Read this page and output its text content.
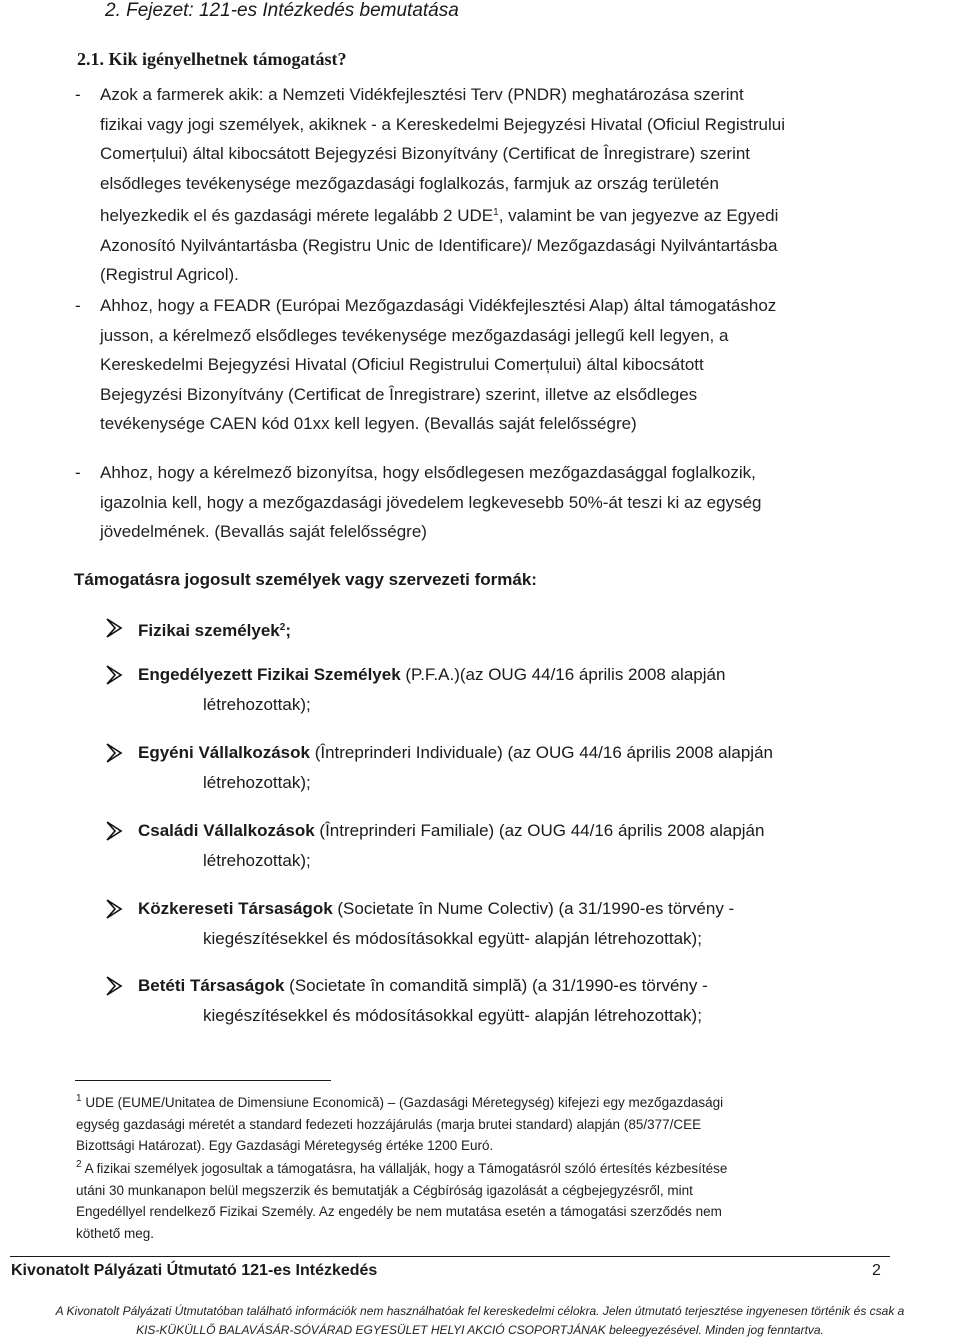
2. Fejezet: 121-es Intézkedés bemutatása
2.1. Kik igényelhetnek támogatást?
- Azok a farmerek akik: a Nemzeti Vidékfejlesztési Terv (PNDR) meghatározása szerint
fizikai vagy jogi személyek, akiknek - a Kereskedelmi Bejegyzési Hivatal (Oficiul Registrului
Comerțului) által kibocsátott Bejegyzési Bizonyítvány (Certificat de Înregistrare) szerint
elsődleges tevékenysége mezőgazdasági foglalkozás, farmjuk az ország területén
helyezkedik el és gazdasági mérete legalább 2 UDE$^1$, valamint be van jegyezve az Egyedi
Azonosító Nyilvántartásba (Registru Unic de Identificare)/ Mezőgazdasági Nyilvántartásba
(Registrul Agricol).
- Ahhoz, hogy a FEADR (Európai Mezőgazdasági Vidékfejlesztési Alap) által támogatáshoz
jusson, a kérelmező elsődleges tevékenysége mezőgazdasági jellegű kell legyen, a
Kereskedelmi Bejegyzési Hivatal (Oficiul Registrului Comerțului) által kibocsátott
Bejegyzési Bizonyítvány (Certificat de Înregistrare) szerint, illetve az elsődleges
tevékenysége CAEN kód 01xx kell legyen. (Bevallás saját felelősségre)
- Ahhoz, hogy a kérelmező bizonyítsa, hogy elsődlegesen mezőgazdasággal foglalkozik,
igazolnia kell, hogy a mezőgazdasági jövedelem legkevesebb 50%-át teszi ki az egység
jövedelmének. (Bevallás saját felelősségre)
Támogatásra jogosult személyek vagy szervezeti formák:
Fizikai személyek$^2$;
Engedélyezett Fizikai Személyek (P.F.A.)(az OUG 44/16 április 2008 alapján
létrehozottak);
Egyéni Vállalkozások (Întreprinderi Individuale) (az OUG 44/16 április 2008 alapján
létrehozottak);
Családi Vállalkozások (Întreprinderi Familiale) (az OUG 44/16 április 2008 alapján
létrehozottak);
Közkereseti Társaságok (Societate în Nume Colectiv) (a 31/1990-es törvény -
kiegészítésekkel és módosításokkal együtt- alapján létrehozottak);
Betéti Társaságok (Societate în comandită simplă) (a 31/1990-es törvény -
kiegészítésekkel és módosításokkal együtt- alapján létrehozottak);
$^1$ UDE (EUME/Unitatea de Dimensiune Economică) – (Gazdasági Méretegység) kifejezi egy mezőgazdasági
egység gazdasági méretét a standard fedezeti hozzájárulás (marja brutei standard) alapján (85/377/CEE
Bizottsági Határozat). Egy Gazdasági Méretegység értéke 1200 Euró.
$^2$ A fizikai személyek jogosultak a támogatásra, ha vállalják, hogy a Támogatásról szóló értesítés kézbesítése
utáni 30 munkanapon belül megszerzik és bemutatják a Cégbíróság igazolását a cégbejegyzésről, mint
Engedéllyel rendelkező Fizikai Személy. Az engedély be nem mutatása esetén a támogatási szerződés nem
köthető meg.
Kivonatolt Pályázati Útmutató 121-es Intézkedés	2
A Kivonatolt Pályázati Útmutatóban található információk nem használhatóak fel kereskedelmi célokra. Jelen útmutató terjesztése ingyenesen történik és csak a
KIS-KÜKÜLLŐ BALAVÁSÁR-SÓVÁRAD EGYESÜLET HELYI AKCIÓ CSOPORTJÁNAK beleegyezésével. Minden jog fenntartva.
